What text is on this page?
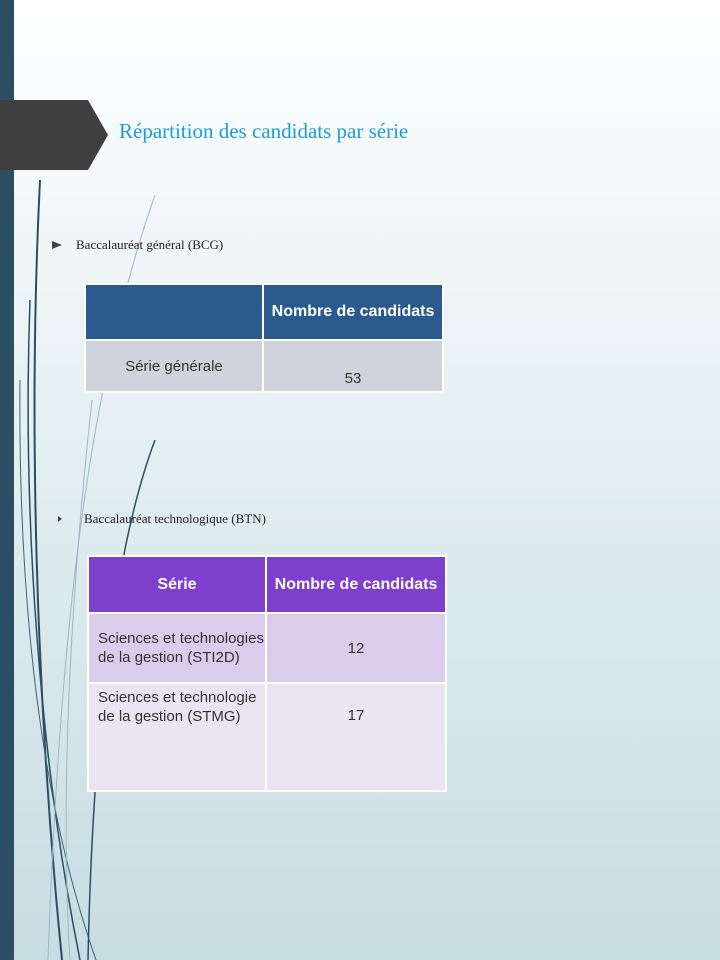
Répartition des candidats par série
Baccalauréat général (BCG)
	Nombre de candidats

Série générale	53
Baccalauréat technologique (BTN)
Série	Nombre de candidats
Sciences et technologies de la gestion (STI2D)	12
Sciences et technologie de la gestion (STMG)	17
